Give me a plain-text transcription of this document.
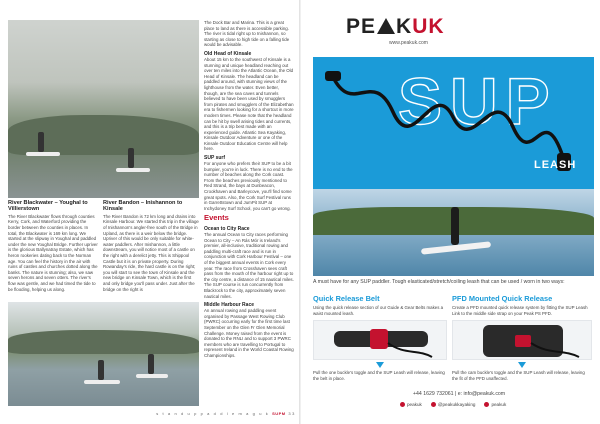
River Blackwater – Youghal to Villierstown

The River Blackwater flows through counties Kerry, Cork, and Waterford providing the border between the counties in places. In total, the Blackwater is 169 km long. We started at the slipway in Youghal and paddled under the new Youghal Bridge. Further upriver is the glorious Ballynatray Estate, which has heron rookeries dating back to the Norman age. You can feel the history in the air with ruins of castles and churches dotted along the banks. The nature is stunning; also, we saw seven herons and seven otters. The river's flow was gentle, and we had timed the tide to be flooding, helping us along.

River Bandon – Inishannon to Kinsale

The River Bandon is 72 km long and drains into Kinsale Harbour. We started this trip in the village of Inishannon's angler-free south of the Bridge in Upland, as there is a weir below the bridge. Upriver of this would be only suitable for white-water paddlers. After Inishannon, a little downstream, you will notice most of a castle on the right with a derelict jetty. This is Shippool Castle but it is on private property. During Rowanday's ride, the hard castle is on the right; you will start to see the town of Kinsale and the new bridge on Kinsale Town, which is the first and only bridge you'll pass under. Just after the bridge on the right is

The Dock Bar and Marina. This is a great place to land as there is accessible parking. The river is tidal right up to Inishannon, so starting as close to high tide on a falling tide would be advisable.

Old Head of Kinsale

About 15 km to the southwest of Kinsale is a stunning and unique headland reaching out over ten miles into the Atlantic Ocean, the Old Head of Kinsale. The headland can be paddled around, with stunning views of the lighthouse from the water. Even better, though, are the sea caves and tunnels believed to have been used by smugglers from pirates and smugglers of the Elizabethan era to fishermen looking for a shortcut in more modern times. Please note that the headland can be hit by swell arising tides and currents, and this is a trip best made with an experienced guide. Atlantic Sea Kayaking, Kinsale Outdoor Adventure or one of the Kinsale Outdoor Education Centre will help here.

SUP surf

For anyone who prefers their SUP to be a bit bumpier, you're in luck. There is no end to the number of beaches along the Cork coast. From the beaches previously mentioned to Red Strand, the bays at Dunbeacon, Crookhaven and Barleycove, you'll find some great spots. Also, the Cork Surf Festival runs in Garrettstown and JumPit SUP at Inchydoney Surf School, you can't go wrong.

Events
Ocean to City Race

The annual Ocean to City races performing Ocean to City – An Rás Mór is Ireland's premier, all-inclusive, traditional rowing and paddling multi-craft race and is run in conjunction with Cork Harbour Festival – one of the biggest annual events in Cork every year. The race from Crosshaven sees craft pass from the mouth of the harbour right up to the city centre, a distance of 15 nautical miles. The SUP course is run concurrently from Blackrock to the city, approximately seven nautical miles.

Middle Harbour Race

An annual rowing and paddling event organised by Passage West Rowing Club (PWRC) occurring early for the first time last September on the Glen Fr Glen Memorial Challenge. Money raised from the event is donated to the RNLI and to support 3 PWRC members who are travelling to Portugal to represent Ireland in the World Coastal Rowing Championships.

s t a n d u p p a d d l e m a g u k SUPM 33
PE KUK
www.peakuk.com
SUP
LEASH
A must have for any SUP paddler. Tough elasticated/stretch/coiling leash that can be used / worn in two ways:
Quick Release Belt
Using the quick release section of our Guide & Gear Belts makes a waist mounted leash.
Pull the one buckle's toggle and the SUP Leash will release, leaving the belt in place.
PFD Mounted Quick Release
Create a PFD mounted quick release system by fitting the SUP Leash Link to the middle side strap on your Peak PS PFD.
Pull the cam buckle's toggle and the SUP Leash will release, leaving the fit of the PFD unaffected.
+44 1629 732061 | e: info@peakuk.com
peakuk	@peakukkayaking	peakuk
